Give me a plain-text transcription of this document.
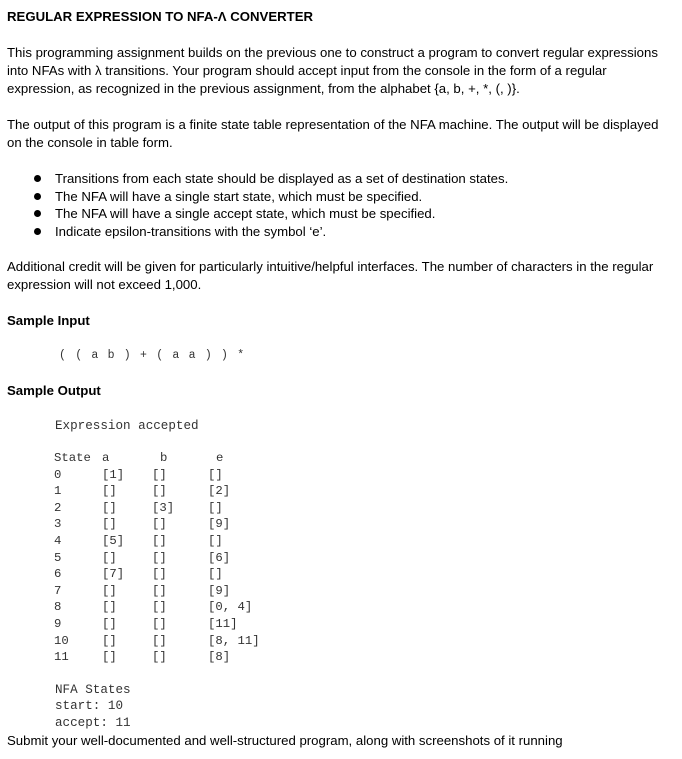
REGULAR EXPRESSION TO NFA-Λ CONVERTER

This programming assignment builds on the previous one to construct a program to convert regular expressions into NFAs with λ transitions. Your program should accept input from the console in the form of a regular expression, as recognized in the previous assignment, from the alphabet {a, b, +, *, (, )}.

The output of this program is a finite state table representation of the NFA machine. The output will be displayed on the console in table form.

Transitions from each state should be displayed as a set of destination states.
The NFA will have a single start state, which must be specified.
The NFA will have a single accept state, which must be specified.
Indicate epsilon-transitions with the symbol ‘e’.

Additional credit will be given for particularly intuitive/helpful interfaces. The number of characters in the regular expression will not exceed 1,000.

Sample Input

( ( a b ) + ( a a ) ) *

Sample Output

Expression accepted
State	a	b	e
0	[1]	[]	[]
1	[]	[]	[2]
2	[]	[3]	[]
3	[]	[]	[9]
4	[5]	[]	[]
5	[]	[]	[6]
6	[7]	[]	[]
7	[]	[]	[9]
8	[]	[]	[0, 4]
9	[]	[]	[11]
10	[]	[]	[8, 11]
11	[]	[]	[8]
NFA States
start: 10
accept: 11

Submit your well-documented and well-structured program, along with screenshots of it running
